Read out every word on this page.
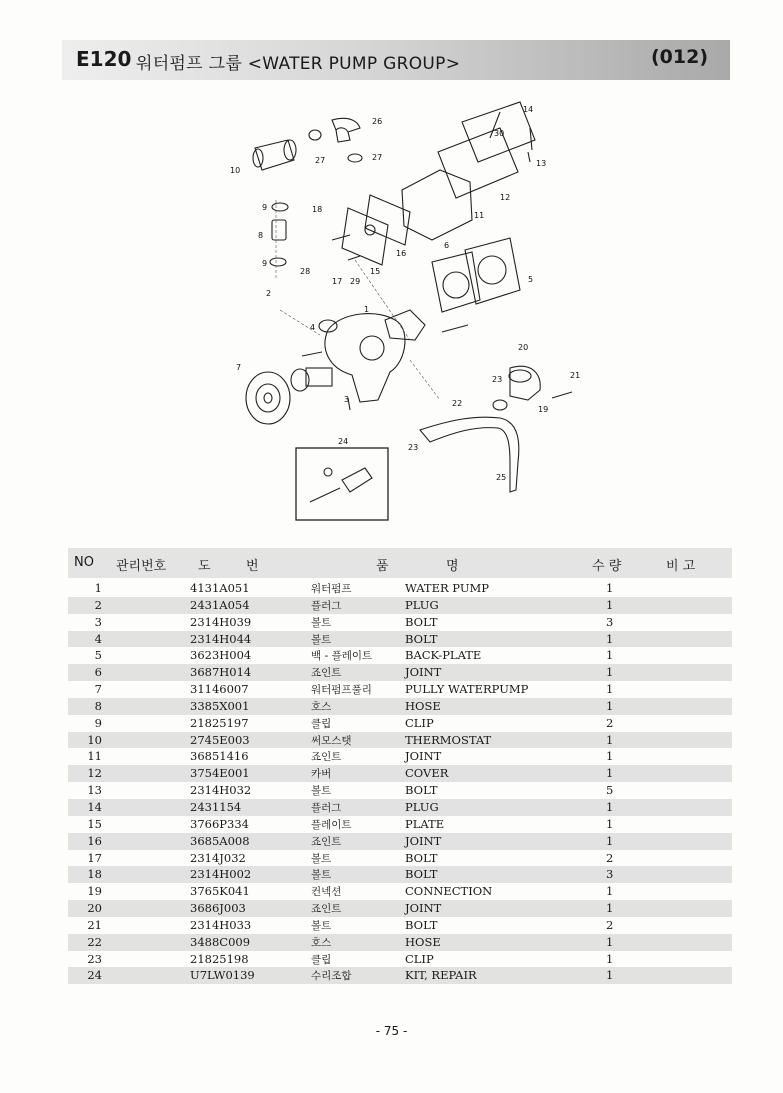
E120 워터펌프 그룹 <WATER PUMP GROUP>	(012)
10
9
8
9
2
4
7
3
1
28
17 29
15
16
18
27	27
26
11
12
13
14
30
6
5
20
21
23
19
22
23
24
25
NO 관리번호 도	번	품	명	수 량	비 고
1	4131A051	워터펌프	WATER PUMP	1
2	2431A054	플러그	PLUG	1
3	2314H039	볼트	BOLT	3
4	2314H044	볼트	BOLT	1
5	3623H004	백 - 플레이트	BACK-PLATE	1
6	3687H014	죠인트	JOINT	1
7	31146007	워터펌프풀리	PULLY WATERPUMP	1
8	3385X001	호스	HOSE	1
9	21825197	클립	CLIP	2
10	2745E003	써모스탯	THERMOSTAT	1
11	36851416	죠인트	JOINT	1
12	3754E001	카버	COVER	1
13	2314H032	볼트	BOLT	5
14	2431154	플러그	PLUG	1
15	3766P334	플레이트	PLATE	1
16	3685A008	죠인트	JOINT	1
17	2314J032	볼트	BOLT	2
18	2314H002	볼트	BOLT	3
19	3765K041	컨넥션	CONNECTION	1
20	3686J003	죠인트	JOINT	1
21	2314H033	볼트	BOLT	2
22	3488C009	호스	HOSE	1
23	21825198	클립	CLIP	1
24	U7LW0139	수리조합	KIT, REPAIR	1
- 75 -
